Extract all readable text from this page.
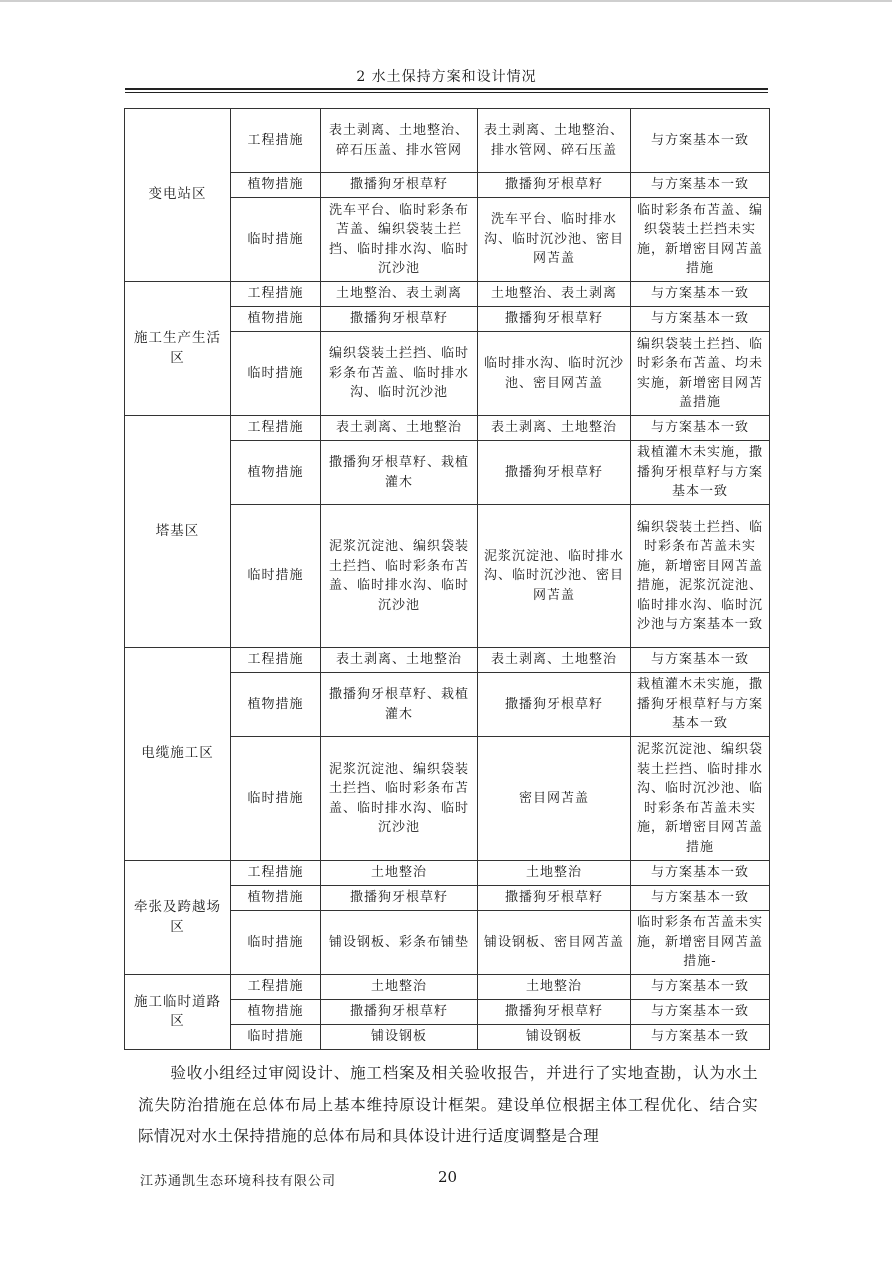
2 水土保持方案和设计情况
变电站区	工程措施	表土剥离、土地整治、碎石压盖、排水管网	表土剥离、土地整治、排水管网、碎石压盖	与方案基本一致
	植物措施	撒播狗牙根草籽	撒播狗牙根草籽	与方案基本一致
	临时措施	洗车平台、临时彩条布苫盖、编织袋装土拦挡、临时排水沟、临时沉沙池	洗车平台、临时排水沟、临时沉沙池、密目网苫盖	临时彩条布苫盖、编织袋装土拦挡未实施，新增密目网苫盖措施
施工生产生活区	工程措施	土地整治、表土剥离	土地整治、表土剥离	与方案基本一致
	植物措施	撒播狗牙根草籽	撒播狗牙根草籽	与方案基本一致
	临时措施	编织袋装土拦挡、临时彩条布苫盖、临时排水沟、临时沉沙池	临时排水沟、临时沉沙池、密目网苫盖	编织袋装土拦挡、临时彩条布苫盖、均未实施，新增密目网苫盖措施
塔基区	工程措施	表土剥离、土地整治	表土剥离、土地整治	与方案基本一致
	植物措施	撒播狗牙根草籽、栽植灌木	撒播狗牙根草籽	栽植灌木未实施，撒播狗牙根草籽与方案基本一致
	临时措施	泥浆沉淀池、编织袋装土拦挡、临时彩条布苫盖、临时排水沟、临时沉沙池	泥浆沉淀池、临时排水沟、临时沉沙池、密目网苫盖	编织袋装土拦挡、临时彩条布苫盖未实施，新增密目网苫盖措施，泥浆沉淀池、临时排水沟、临时沉沙池与方案基本一致
电缆施工区	工程措施	表土剥离、土地整治	表土剥离、土地整治	与方案基本一致
	植物措施	撒播狗牙根草籽、栽植灌木	撒播狗牙根草籽	栽植灌木未实施，撒播狗牙根草籽与方案基本一致
	临时措施	泥浆沉淀池、编织袋装土拦挡、临时彩条布苫盖、临时排水沟、临时沉沙池	密目网苫盖	泥浆沉淀池、编织袋装土拦挡、临时排水沟、临时沉沙池、临时彩条布苫盖未实施，新增密目网苫盖措施
牵张及跨越场区	工程措施	土地整治	土地整治	与方案基本一致
	植物措施	撒播狗牙根草籽	撒播狗牙根草籽	与方案基本一致
	临时措施	铺设钢板、彩条布铺垫	铺设钢板、密目网苫盖	临时彩条布苫盖未实施，新增密目网苫盖措施-
施工临时道路区	工程措施	土地整治	土地整治	与方案基本一致
	植物措施	撒播狗牙根草籽	撒播狗牙根草籽	与方案基本一致
	临时措施	铺设钢板	铺设钢板	与方案基本一致
验收小组经过审阅设计、施工档案及相关验收报告，并进行了实地查勘，认为水土流失防治措施在总体布局上基本维持原设计框架。建设单位根据主体工程优化、结合实际情况对水土保持措施的总体布局和具体设计进行适度调整是合理
江苏通凯生态环境科技有限公司	20
